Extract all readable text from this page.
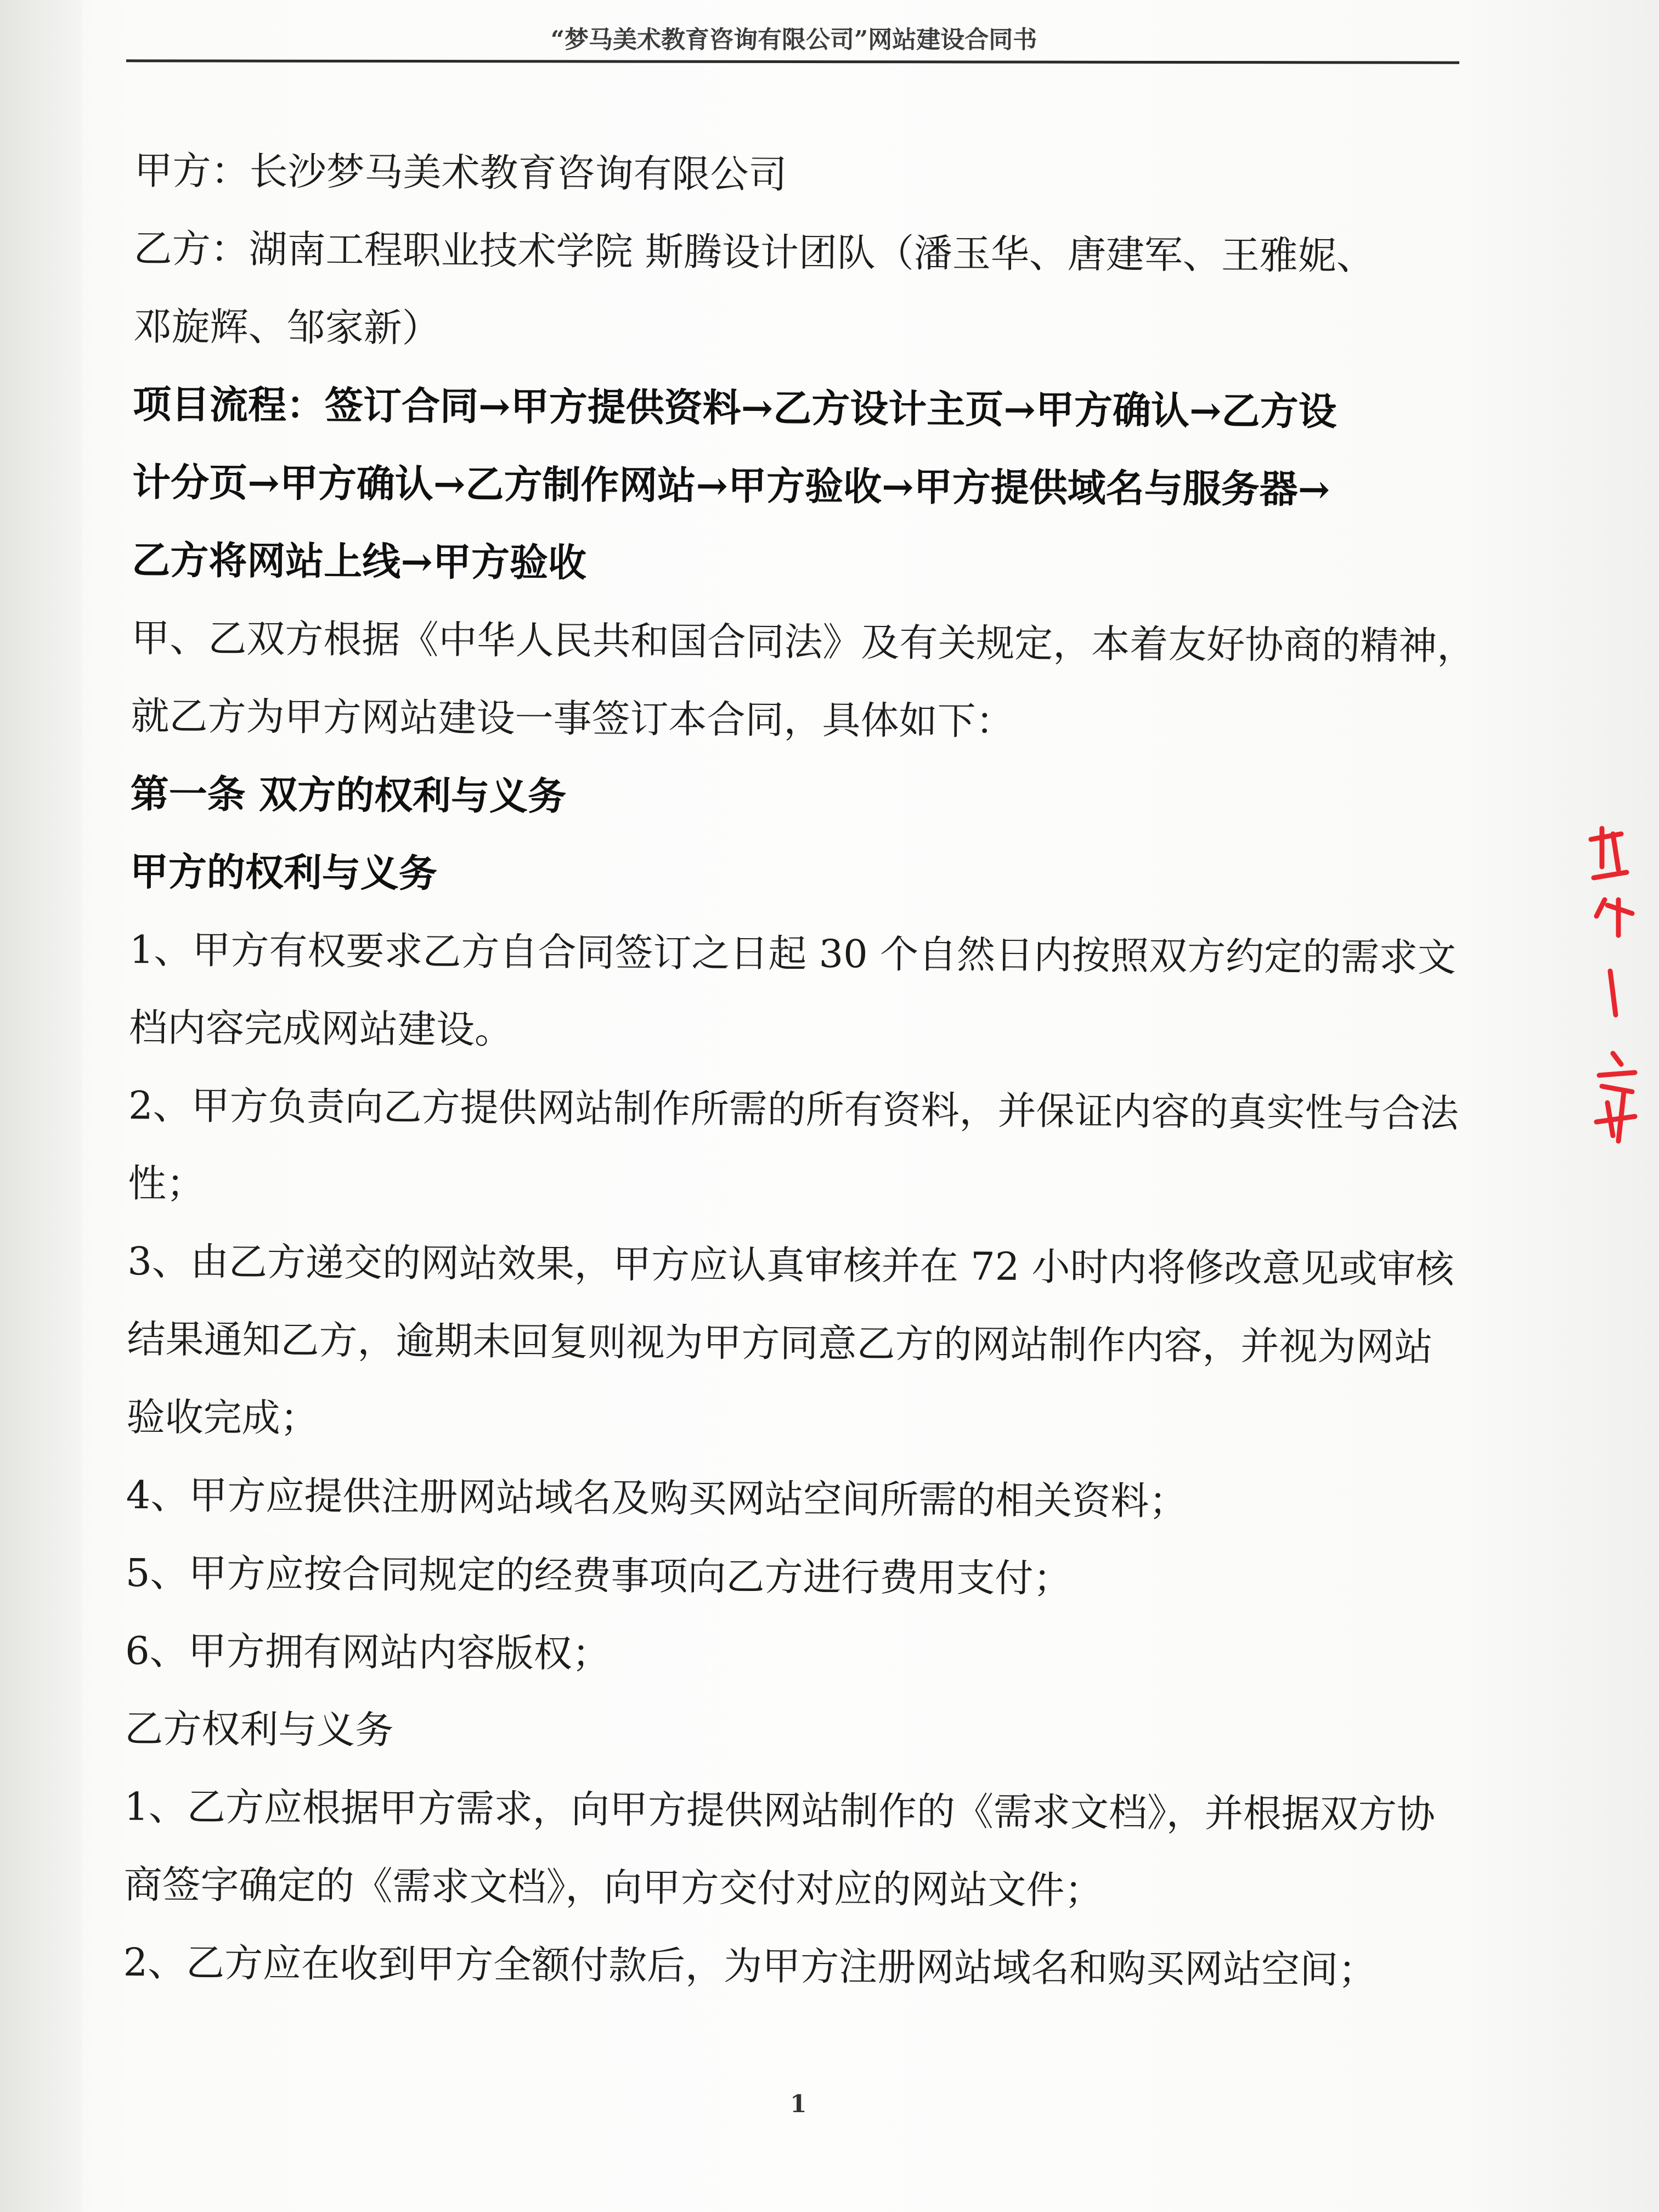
“梦马美术教育咨询有限公司”网站建设合同书
甲方：长沙梦马美术教育咨询有限公司
乙方：湖南工程职业技术学院 斯腾设计团队（潘玉华、唐建军、王雅妮、
邓旋辉、邹家新）
项目流程：签订合同→甲方提供资料→乙方设计主页→甲方确认→乙方设
计分页→甲方确认→乙方制作网站→甲方验收→甲方提供域名与服务器→
乙方将网站上线→甲方验收
甲、乙双方根据《中华人民共和国合同法》及有关规定，本着友好协商的精神，
就乙方为甲方网站建设一事签订本合同，具体如下：
第一条 双方的权利与义务
甲方的权利与义务
1、甲方有权要求乙方自合同签订之日起 30 个自然日内按照双方约定的需求文
档内容完成网站建设。
2、甲方负责向乙方提供网站制作所需的所有资料，并保证内容的真实性与合法
性；
3、由乙方递交的网站效果，甲方应认真审核并在 72 小时内将修改意见或审核
结果通知乙方，逾期未回复则视为甲方同意乙方的网站制作内容，并视为网站
验收完成；
4、甲方应提供注册网站域名及购买网站空间所需的相关资料；
5、甲方应按合同规定的经费事项向乙方进行费用支付；
6、甲方拥有网站内容版权；
乙方权利与义务
1、乙方应根据甲方需求，向甲方提供网站制作的《需求文档》，并根据双方协
商签字确定的《需求文档》，向甲方交付对应的网站文件；
2、乙方应在收到甲方全额付款后，为甲方注册网站域名和购买网站空间；
1
